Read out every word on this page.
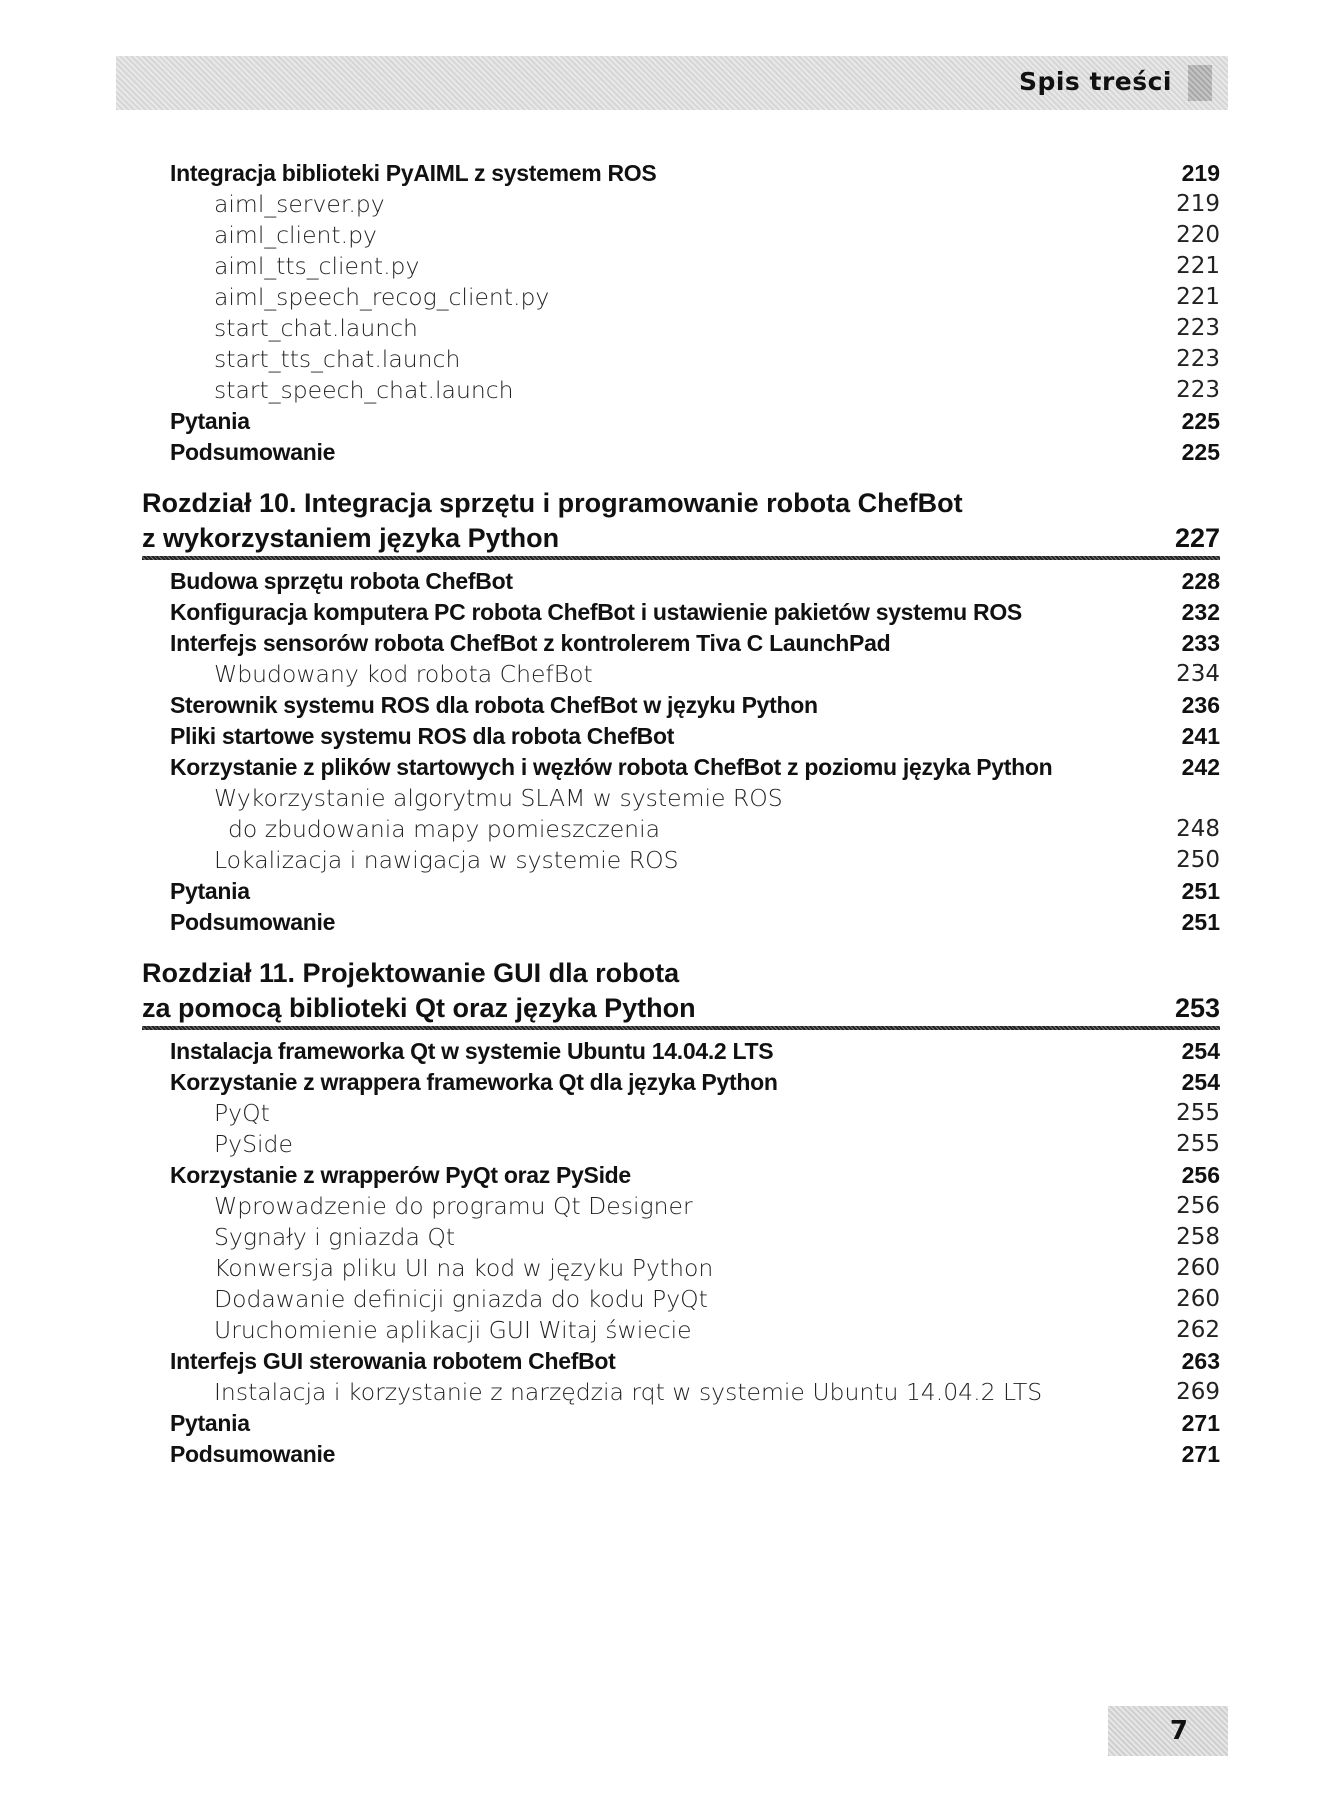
Spis treści
Integracja biblioteki PyAIML z systemem ROS	219
aiml_server.py	219
aiml_client.py	220
aiml_tts_client.py	221
aiml_speech_recog_client.py	221
start_chat.launch	223
start_tts_chat.launch	223
start_speech_chat.launch	223
Pytania	225
Podsumowanie	225
Rozdział 10. Integracja sprzętu i programowanie robota ChefBot
z wykorzystaniem języka Python	227
Budowa sprzętu robota ChefBot	228
Konfiguracja komputera PC robota ChefBot i ustawienie pakietów systemu ROS	232
Interfejs sensorów robota ChefBot z kontrolerem Tiva C LaunchPad	233
Wbudowany kod robota ChefBot	234
Sterownik systemu ROS dla robota ChefBot w języku Python	236
Pliki startowe systemu ROS dla robota ChefBot	241
Korzystanie z plików startowych i węzłów robota ChefBot z poziomu języka Python	242
Wykorzystanie algorytmu SLAM w systemie ROS
do zbudowania mapy pomieszczenia	248
Lokalizacja i nawigacja w systemie ROS	250
Pytania	251
Podsumowanie	251
Rozdział 11. Projektowanie GUI dla robota
za pomocą biblioteki Qt oraz języka Python	253
Instalacja frameworka Qt w systemie Ubuntu 14.04.2 LTS	254
Korzystanie z wrappera frameworka Qt dla języka Python	254
PyQt	255
PySide	255
Korzystanie z wrapperów PyQt oraz PySide	256
Wprowadzenie do programu Qt Designer	256
Sygnały i gniazda Qt	258
Konwersja pliku UI na kod w języku Python	260
Dodawanie definicji gniazda do kodu PyQt	260
Uruchomienie aplikacji GUI Witaj świecie	262
Interfejs GUI sterowania robotem ChefBot	263
Instalacja i korzystanie z narzędzia rqt w systemie Ubuntu 14.04.2 LTS	269
Pytania	271
Podsumowanie	271
7
